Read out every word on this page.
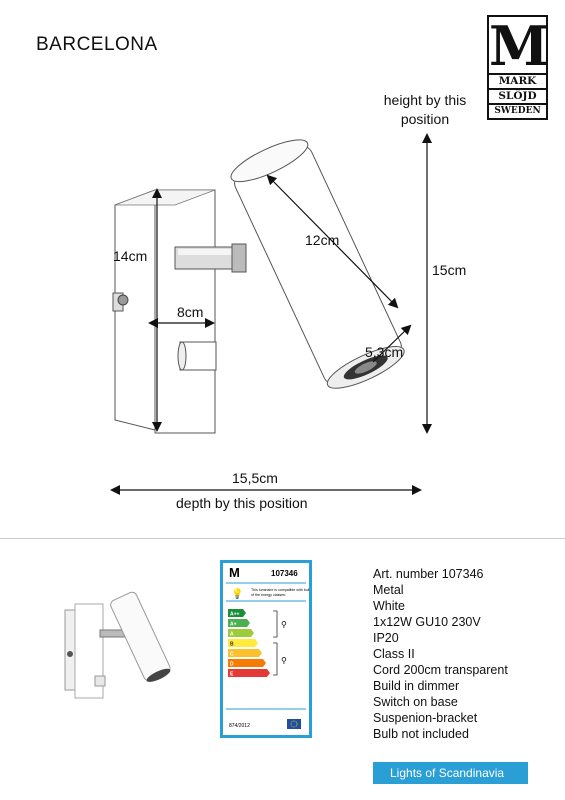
BARCELONA	M
MARK
SLÖJD
SWEDEN
height by this
position
12cm
15cm
14cm
8cm
5,3cm
15,5cm
depth by this position
M	107346
💡 This luminaire is compatible with bulbs
of the energy classes:
A++
A+
A
B
C
D
E
⚲
⚲
874/2012
Art. number 107346
Metal
White
1x12W GU10 230V
IP20
Class II
Cord 200cm transparent
Build in dimmer
Switch on base
Suspenion-bracket
Bulb not included
Lights of Scandinavia
